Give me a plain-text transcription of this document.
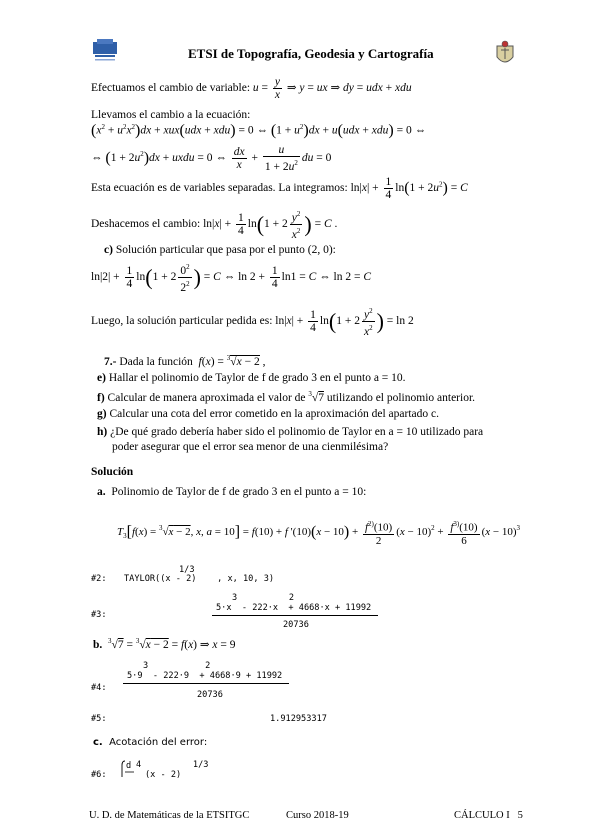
ETSI de Topografía, Geodesia y Cartografía
Efectuamos el cambio de variable: $u = \frac{y}{x}$ ⇒ y = ux ⇒ dy = udx + xdu
Llevamos el cambio a la ecuación:
$(x^2 + u^2x^2)dx + xux(udx + xdu) = 0$ ⇔ $(1 + u^2)dx + u(udx + xdu) = 0$ ⇔
⇔ $(1 + 2u^2)dx$ + uxdu = 0 ⇔ $\frac{dx}{x} + \frac{u}{1 + 2u^2}$ du = 0
Esta ecuación es de variables separadas. La integramos: $\ln|x| + \frac{1}{4} \ln(1 + 2u^2) = C$
Deshacemos el cambio: $\ln|x| + \frac{1}{4} \ln(1 + 2 \frac{y^2}{x^2}$ ) = C .
c) Solución particular que pasa por el punto (2, 0):
$\ln|2| + \frac{1}{4} \ln(1 + 2 \frac{0^2}{2^2}$ ) = C ⇔ $\ln 2 + \frac{1}{4} \ln 1 = C$ ⇔ ln 2 = C
Luego, la solución particular pedida es: $\ln|x| + \frac{1}{4} \ln(1 + 2 \frac{y^2}{x^2}$ ) = ln 2
7.- Dada la función f(x) = $^3$√x − 2 ,
e) Hallar el polinomio de Taylor de f de grado 3 en el punto a = 10.
f) Calcular de manera aproximada el valor de $^3$√7 utilizando el polinomio anterior.
g) Calcular una cota del error cometido en la aproximación del apartado c.
h) ¿De qué grado debería haber sido el polinomio de Taylor en a = 10 utilizado para
poder asegurar que el error sea menor de una cienmilésima?
Solución
a. Polinomio de Taylor de f de grado 3 en el punto a = 10:
$T_3[f(x) = ^3√x - 2$, x, a = 10] = f(10) + f '$(10)(x - 10) + \frac{f^{2)}(10)}{2} (x - 10)^2 + \frac{f^{3)}(10)}{6} (x - 10)^3$
1/3
#2: TAYLOR((x - 2)    , x, 10, 3)
3          2
5·x  - 222·x  + 4668·x + 11992
#3:
20736
b. $^3$√7 = $^3$√x − 2 = f(x) ⇒ x = 9
3           2
5·9  - 222·9  + 4668·9 + 11992
#4:
20736
#5:	1.912953317
c. Acotación del error:
d 4          1/3
#6:	(x - 2)
U. D. de Matemáticas de la ETSITGC	Curso 2018-19	CÁLCULO I   5
